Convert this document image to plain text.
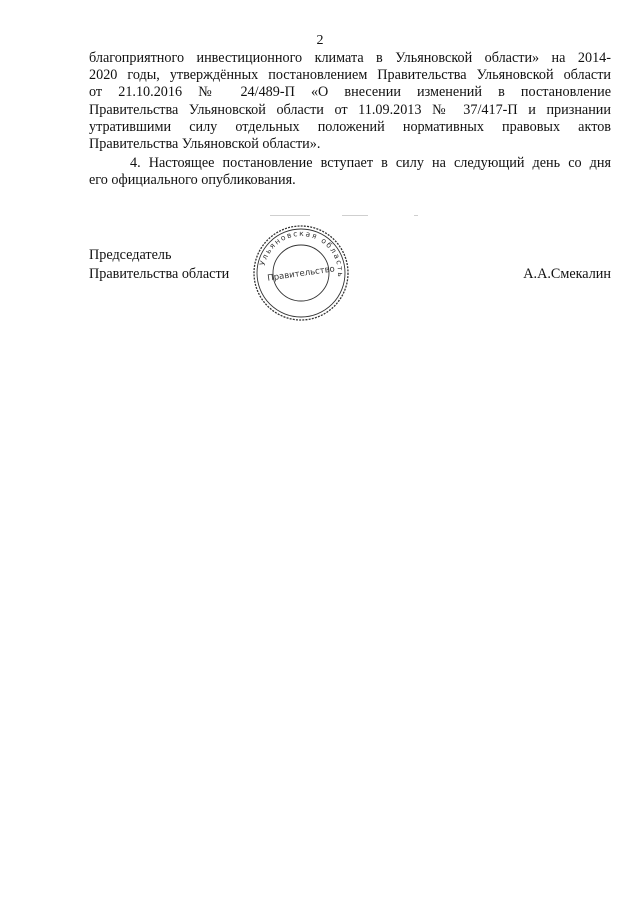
2
благоприятного инвестиционного климата в Ульяновской области» на 2014-
2020 годы, утверждённых постановлением Правительства Ульяновской области
от 21.10.2016 № 24/489-П «О внесении изменений в постановление
Правительства Ульяновской области от 11.09.2013 № 37/417-П и признании
утратившими силу отдельных положений нормативных правовых актов
Правительства Ульяновской области».
4. Настоящее постановление вступает в силу на следующий день со дня
его официального опубликования.
Председатель
Правительства области	А.А.Смекалин
Ульяновская область
Правительство
